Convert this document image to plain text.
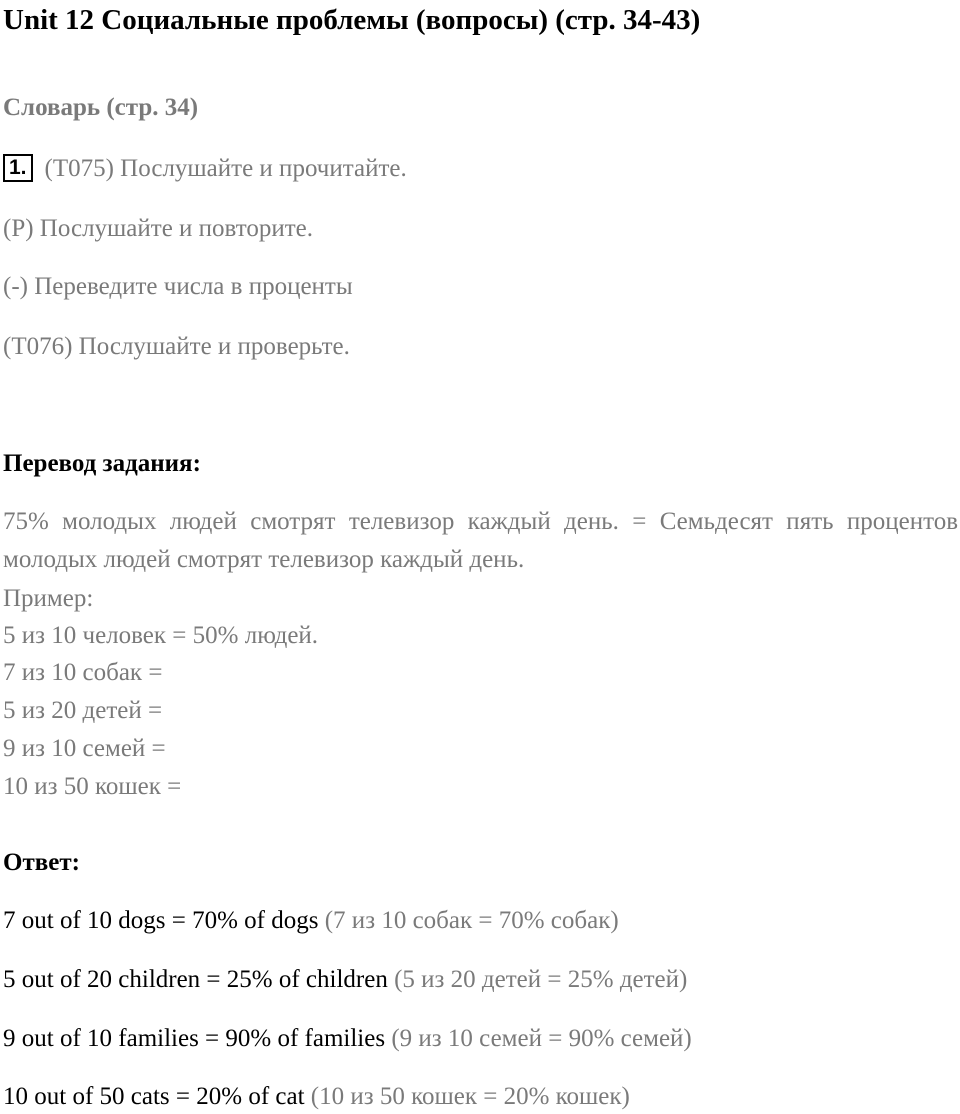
Unit 12 Социальные проблемы (вопросы) (стр. 34-43)
Словарь (стр. 34)
1. (T075) Послушайте и прочитайте.
(P) Послушайте и повторите.
(-) Переведите числа в проценты
(T076) Послушайте и проверьте.
Перевод задания:
75% молодых людей смотрят телевизор каждый день. = Семьдесят пять процентов молодых людей смотрят телевизор каждый день.
Пример:
5 из 10 человек = 50% людей.
7 из 10 собак =
5 из 20 детей =
9 из 10 семей =
10 из 50 кошек =
Ответ:
7 out of 10 dogs = 70% of dogs (7 из 10 собак = 70% собак)
5 out of 20 children = 25% of children (5 из 20 детей = 25% детей)
9 out of 10 families = 90% of families (9 из 10 семей = 90% семей)
10 out of 50 cats = 20% of cat (10 из 50 кошек = 20% кошек)
